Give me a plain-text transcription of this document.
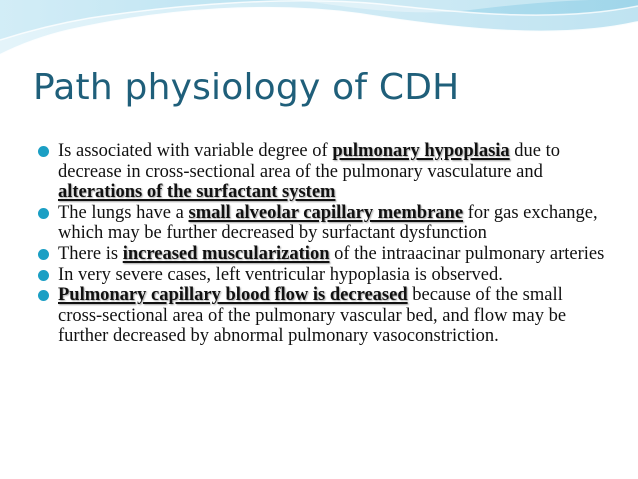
Path physiology of CDH
Is associated with variable degree of pulmonary hypoplasia due to decrease in cross-sectional area of the pulmonary vasculature and alterations of the surfactant system
The lungs have a small alveolar capillary membrane for gas exchange, which may be further decreased by surfactant dysfunction
There is increased muscularization of the intraacinar pulmonary arteries
In very severe cases, left ventricular hypoplasia is observed.
Pulmonary capillary blood flow is decreased because of the small cross-sectional area of the pulmonary vascular bed, and flow may be further decreased by abnormal pulmonary vasoconstriction.
